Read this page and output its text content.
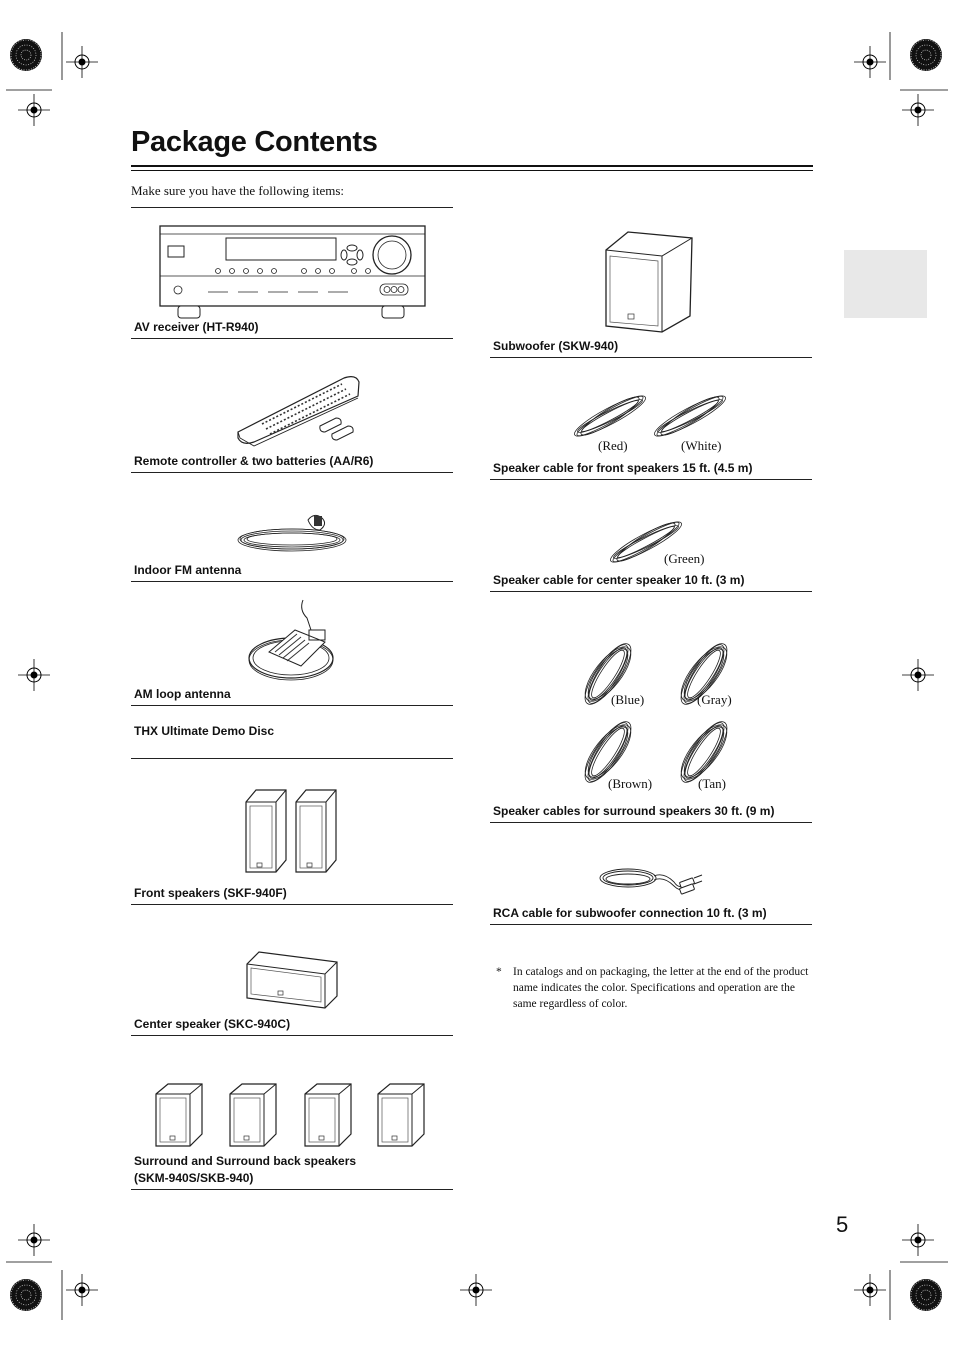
Package Contents
Make sure you have the following items:
AV receiver (HT-R940)
Remote controller & two batteries (AA/R6)
Indoor FM antenna
AM loop antenna
THX Ultimate Demo Disc
Front speakers (SKF-940F)
Center speaker (SKC-940C)
Surround and Surround back speakers
(SKM-940S/SKB-940)
Subwoofer (SKW-940)
(Red)	(White)
Speaker cable for front speakers 15 ft. (4.5 m)
(Green)
Speaker cable for center speaker 10 ft. (3 m)
(Blue)	(Gray)
(Brown)	(Tan)
Speaker cables for surround speakers 30 ft. (9 m)
RCA cable for subwoofer connection 10 ft. (3 m)
* In catalogs and on packaging, the letter at the end of the product name indicates the color. Specifications and operation are the same regardless of color.
5
